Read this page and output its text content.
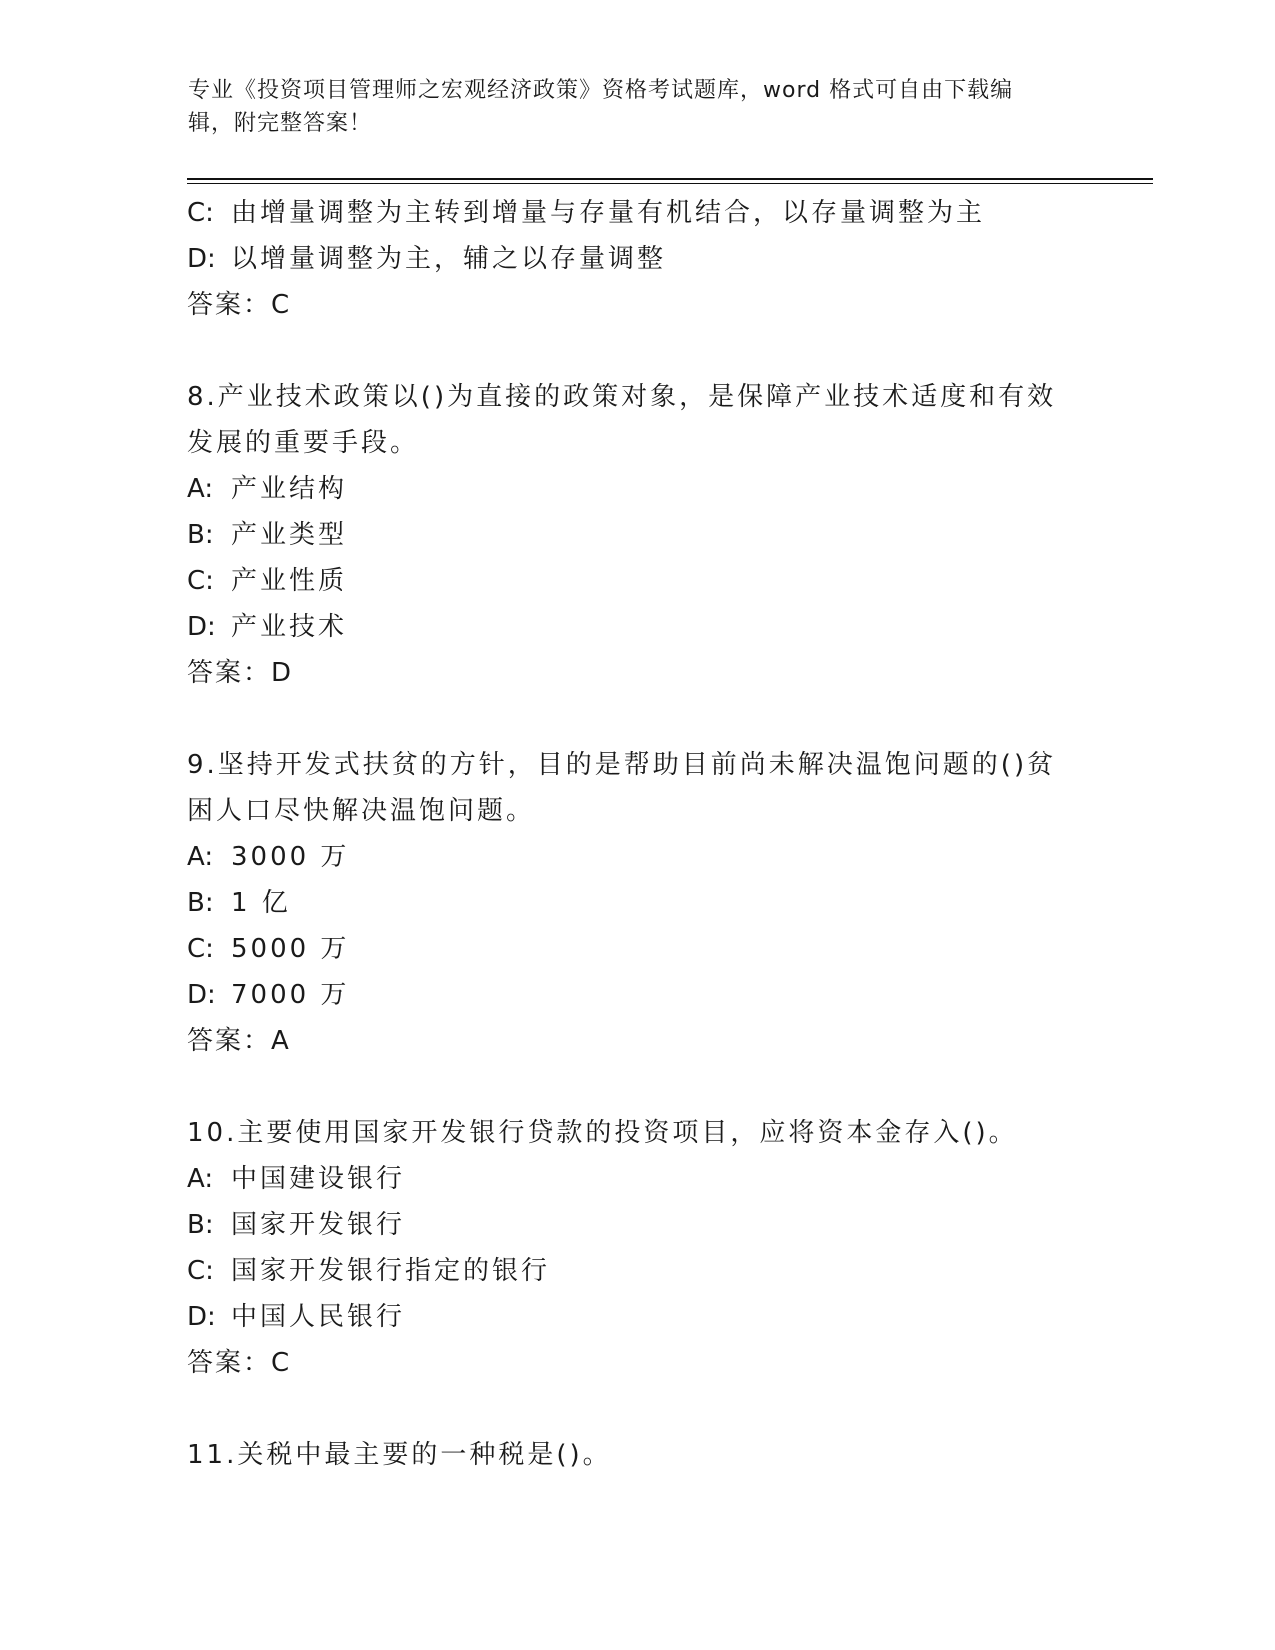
专业《投资项目管理师之宏观经济政策》资格考试题库，word 格式可自由下载编
辑，附完整答案！
C: 由增量调整为主转到增量与存量有机结合，以存量调整为主
D: 以增量调整为主，辅之以存量调整
答案：C
8.产业技术政策以()为直接的政策对象，是保障产业技术适度和有效
发展的重要手段。
A: 产业结构
B: 产业类型
C: 产业性质
D: 产业技术
答案：D
9.坚持开发式扶贫的方针，目的是帮助目前尚未解决温饱问题的()贫
困人口尽快解决温饱问题。
A: 3000 万
B: 1 亿
C: 5000 万
D: 7000 万
答案：A
10.主要使用国家开发银行贷款的投资项目，应将资本金存入()。
A: 中国建设银行
B: 国家开发银行
C: 国家开发银行指定的银行
D: 中国人民银行
答案：C
11.关税中最主要的一种税是()。
